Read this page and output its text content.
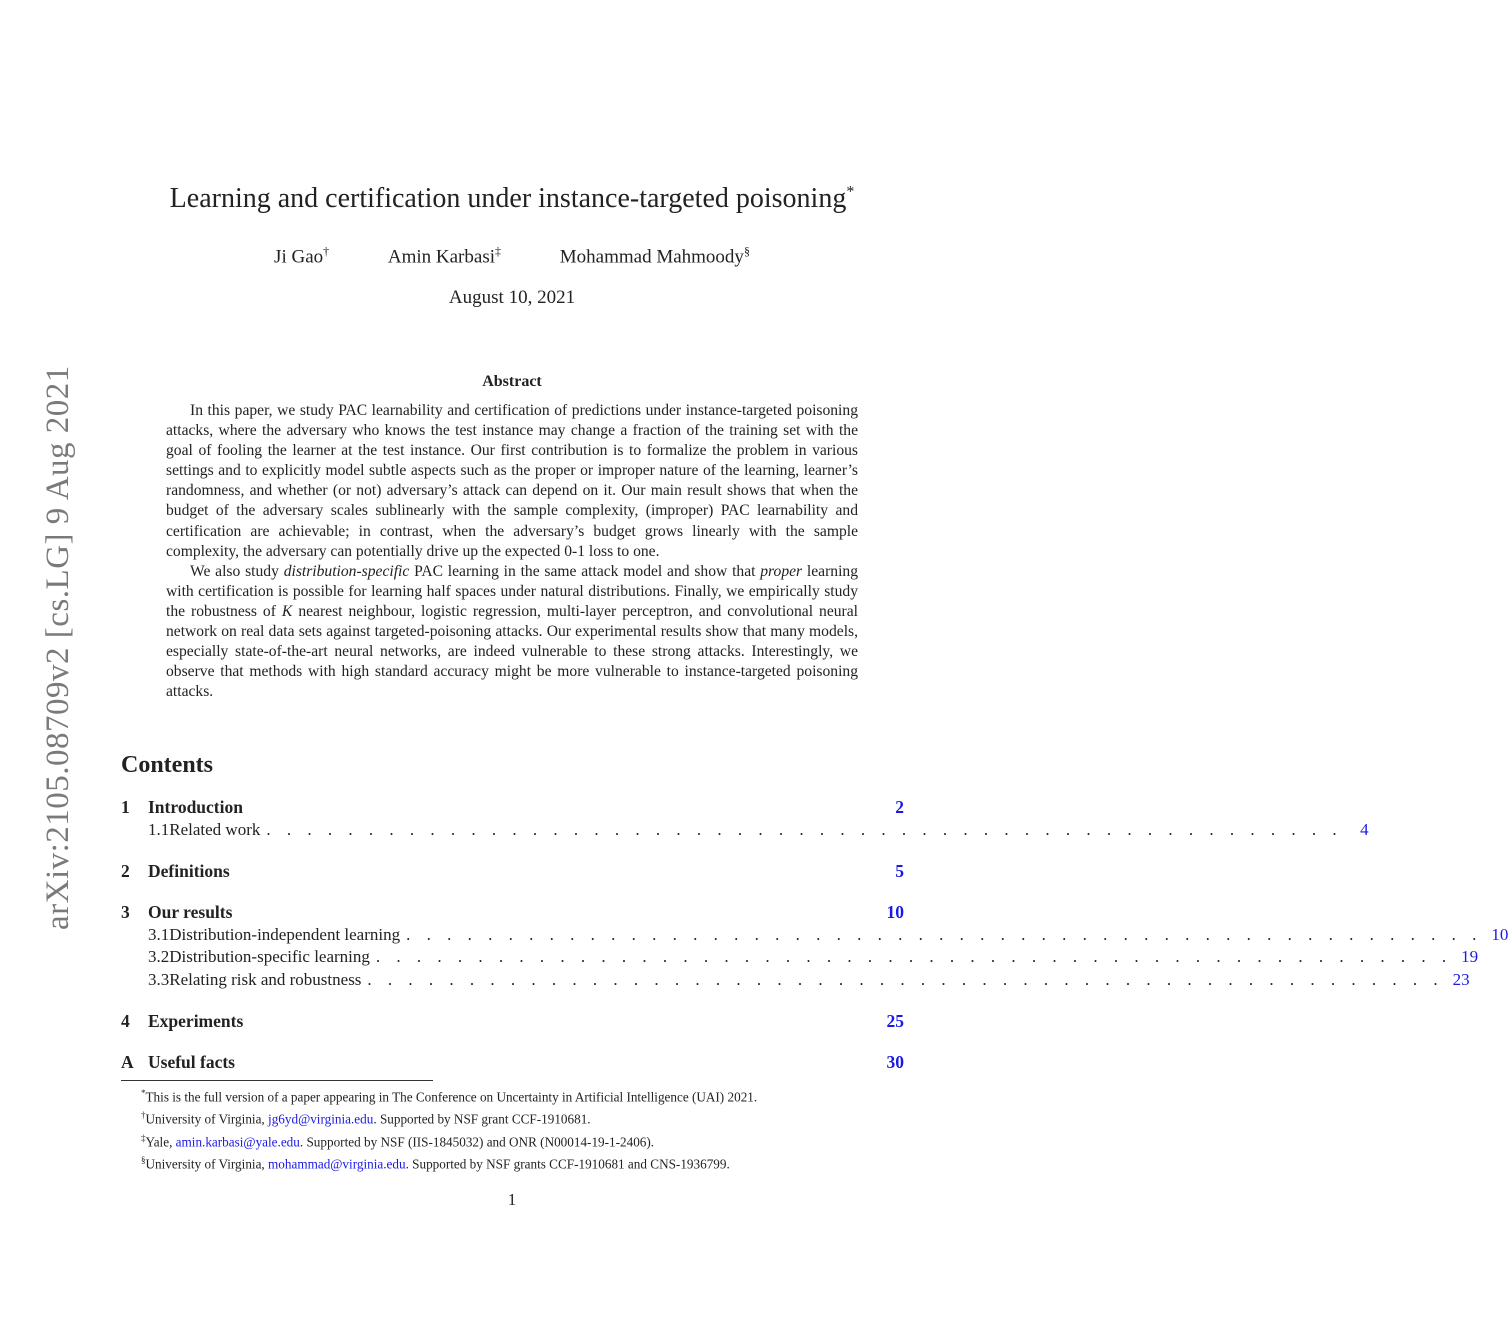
arXiv:2105.08709v2 [cs.LG] 9 Aug 2021
Learning and certification under instance-targeted poisoning*
Ji Gao†	Amin Karbasi‡	Mohammad Mahmoody§
August 10, 2021
Abstract

In this paper, we study PAC learnability and certification of predictions under instance-targeted poisoning attacks, where the adversary who knows the test instance may change a fraction of the training set with the goal of fooling the learner at the test instance. Our first contribution is to formalize the problem in various settings and to explicitly model subtle aspects such as the proper or improper nature of the learning, learner’s randomness, and whether (or not) adversary’s attack can depend on it. Our main result shows that when the budget of the adversary scales sublinearly with the sample complexity, (improper) PAC learnability and certification are achievable; in contrast, when the adversary’s budget grows linearly with the sample complexity, the adversary can potentially drive up the expected 0-1 loss to one.

We also study distribution-specific PAC learning in the same attack model and show that proper learning with certification is possible for learning half spaces under natural distributions. Finally, we empirically study the robustness of K nearest neighbour, logistic regression, multi-layer perceptron, and convolutional neural network on real data sets against targeted-poisoning attacks. Our experimental results show that many models, especially state-of-the-art neural networks, are indeed vulnerable to these strong attacks. Interestingly, we observe that methods with high standard accuracy might be more vulnerable to instance-targeted poisoning attacks.

Contents
1	Introduction	2
1.1 Related work . . . . . . . . . . . . . . . . . . . . . . . . . . . . . . . . . . . . . . . . . . . . . . . . . . . . .	4
2	Definitions	5
3	Our results	10
3.1 Distribution-independent learning . . . . . . . . . . . . . . . . . . . . . . . . . . . . . . . . . . . . . . . . . . . . . . . . . . . . . 10
3.2 Distribution-specific learning . . . . . . . . . . . . . . . . . . . . . . . . . . . . . . . . . . . . . . . . . . . . . . . . . . . . . 19
3.3 Relating risk and robustness . . . . . . . . . . . . . . . . . . . . . . . . . . . . . . . . . . . . . . . . . . . . . . . . . . . . . 23
4	Experiments	25
A Useful facts	30
*This is the full version of a paper appearing in The Conference on Uncertainty in Artificial Intelligence (UAI) 2021.
†University of Virginia, jg6yd@virginia.edu. Supported by NSF grant CCF-1910681.
‡Yale, amin.karbasi@yale.edu. Supported by NSF (IIS-1845032) and ONR (N00014-19-1-2406).
§University of Virginia, mohammad@virginia.edu. Supported by NSF grants CCF-1910681 and CNS-1936799.
1
